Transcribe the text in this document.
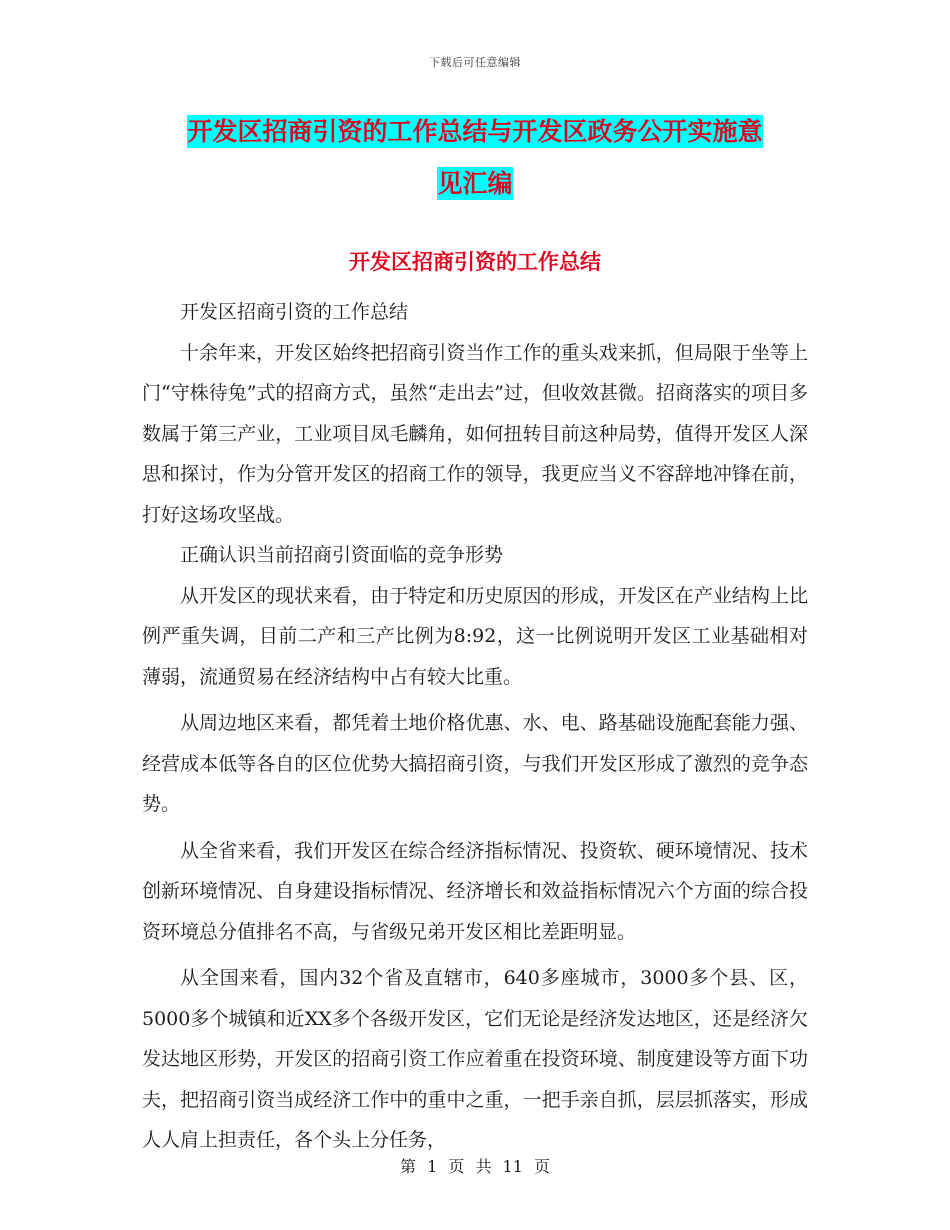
下载后可任意编辑
开发区招商引资的工作总结与开发区政务公开实施意
见汇编
开发区招商引资的工作总结

开发区招商引资的工作总结

十余年来，开发区始终把招商引资当作工作的重头戏来抓，但局限于坐等上门“守株待兔”式的招商方式，虽然“走出去”过，但收效甚微。招商落实的项目多数属于第三产业，工业项目凤毛麟角，如何扭转目前这种局势，值得开发区人深思和探讨，作为分管开发区的招商工作的领导，我更应当义不容辞地冲锋在前，打好这场攻坚战。

正确认识当前招商引资面临的竞争形势

从开发区的现状来看，由于特定和历史原因的形成，开发区在产业结构上比例严重失调，目前二产和三产比例为8:92，这一比例说明开发区工业基础相对薄弱，流通贸易在经济结构中占有较大比重。

从周边地区来看，都凭着土地价格优惠、水、电、路基础设施配套能力强、经营成本低等各自的区位优势大搞招商引资，与我们开发区形成了激烈的竞争态势。

从全省来看，我们开发区在综合经济指标情况、投资软、硬环境情况、技术创新环境情况、自身建设指标情况、经济增长和效益指标情况六个方面的综合投资环境总分值排名不高，与省级兄弟开发区相比差距明显。

从全国来看，国内32个省及直辖市，640多座城市，3000多个县、区，5000多个城镇和近XX多个各级开发区，它们无论是经济发达地区，还是经济欠发达地区形势，开发区的招商引资工作应着重在投资环境、制度建设等方面下功夫，把招商引资当成经济工作中的重中之重，一把手亲自抓，层层抓落实，形成人人肩上担责任，各个头上分任务，

第 1 页 共 11 页
